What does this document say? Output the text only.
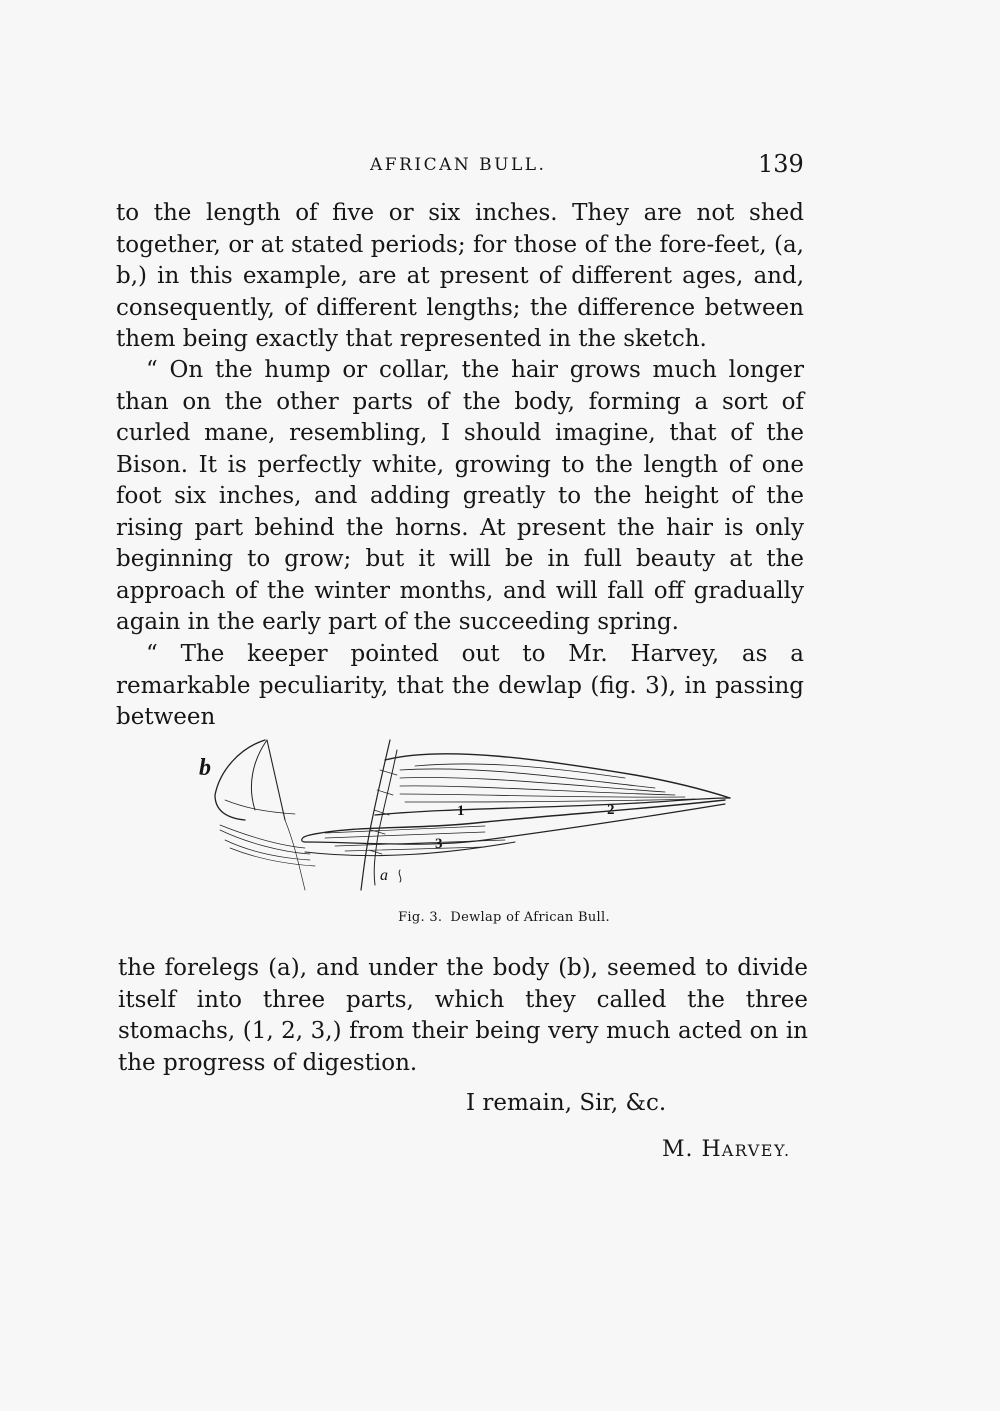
AFRICAN BULL.	139

to the length of five or six inches. They are not shed together, or at stated periods; for those of the fore-feet, (a, b,) in this example, are at present of different ages, and, consequently, of different lengths; the difference between them being exactly that represented in the sketch.

“ On the hump or collar, the hair grows much longer than on the other parts of the body, forming a sort of curled mane, resembling, I should imagine, that of the Bison. It is perfectly white, growing to the length of one foot six inches, and adding greatly to the height of the rising part behind the horns. At present the hair is only beginning to grow; but it will be in full beauty at the approach of the winter months, and will fall off gradually again in the early part of the succeeding spring.

“ The keeper pointed out to Mr. Harvey, as a remarkable peculiarity, that the dewlap (fig. 3), in passing between

b
a
1	2
3
Fig. 3. Dewlap of African Bull.

the forelegs (a), and under the body (b), seemed to divide itself into three parts, which they called the three stomachs, (1, 2, 3,) from their being very much acted on in the progress of digestion.

I remain, Sir, &c.
M. HARVEY.
